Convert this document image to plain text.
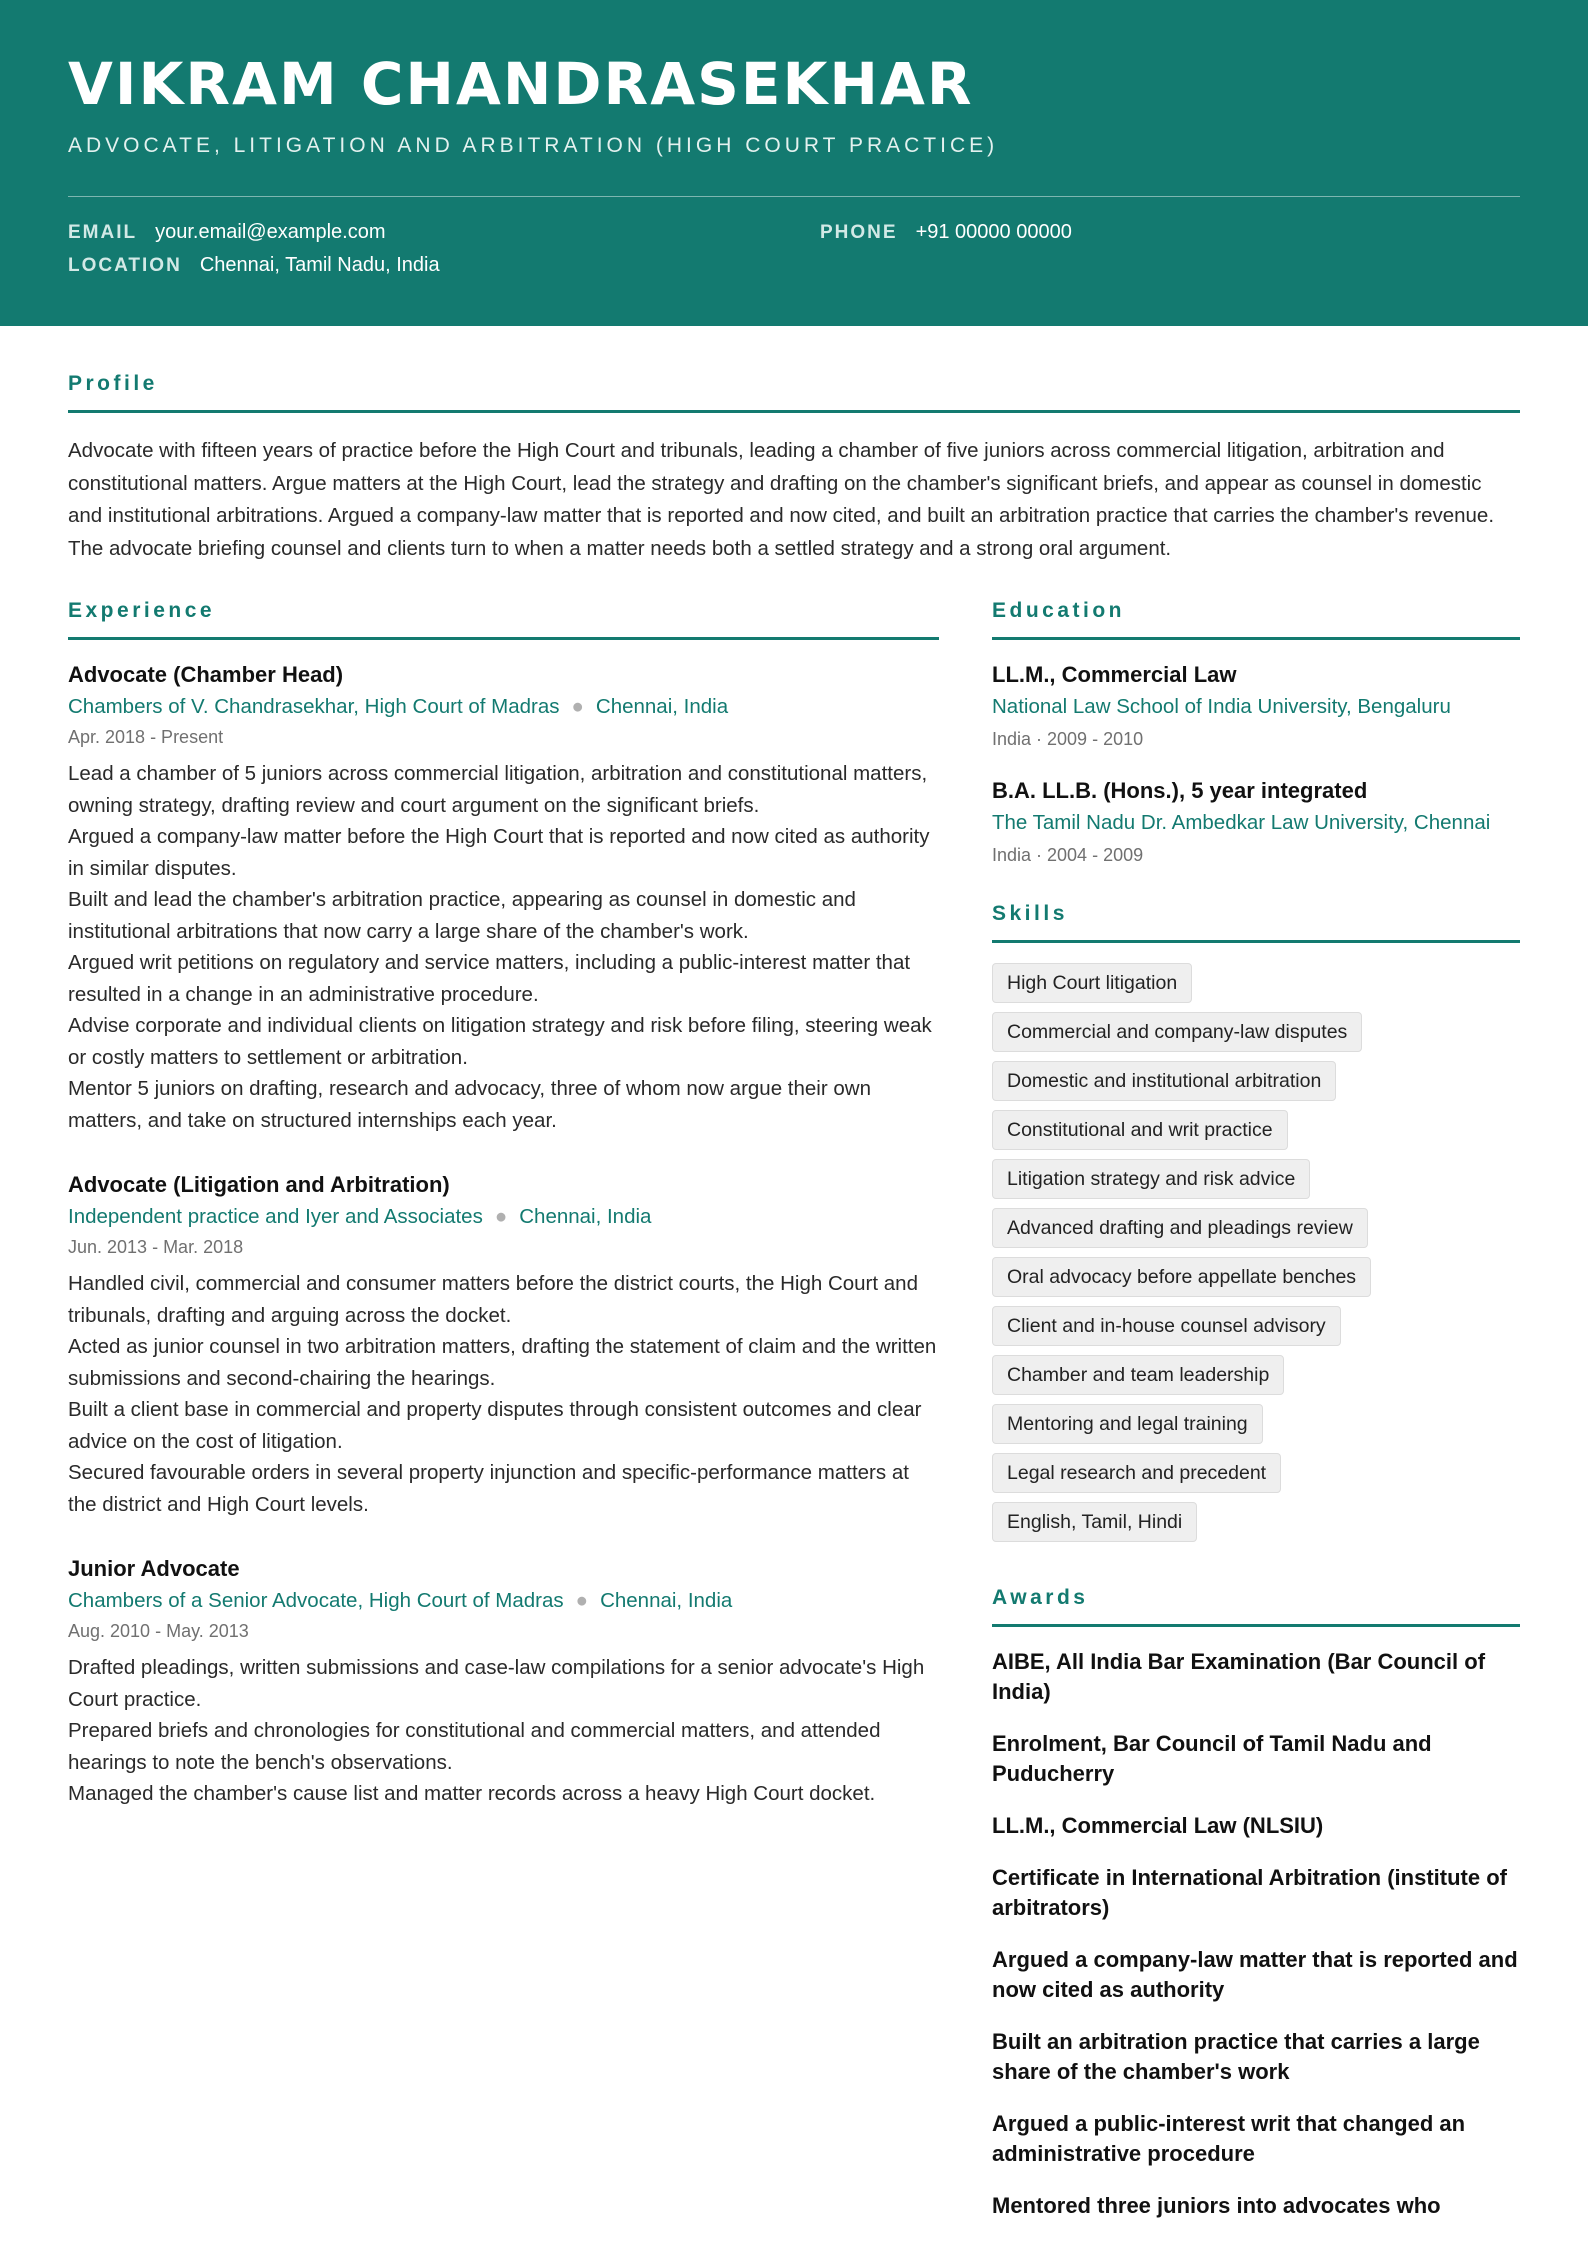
VIKRAM CHANDRASEKHAR
ADVOCATE, LITIGATION AND ARBITRATION (HIGH COURT PRACTICE)
EMAIL your.email@example.com	PHONE +91 00000 00000
LOCATION Chennai, Tamil Nadu, India
Profile

Advocate with fifteen years of practice before the High Court and tribunals, leading a chamber of five juniors across commercial litigation, arbitration and constitutional matters. Argue matters at the High Court, lead the strategy and drafting on the chamber's significant briefs, and appear as counsel in domestic and institutional arbitrations. Argued a company-law matter that is reported and now cited, and built an arbitration practice that carries the chamber's revenue. The advocate briefing counsel and clients turn to when a matter needs both a settled strategy and a strong oral argument.

Experience
Advocate (Chamber Head)
Chambers of V. Chandrasekhar, High Court of Madras ● Chennai, India
Apr. 2018 - Present
Lead a chamber of 5 juniors across commercial litigation, arbitration and constitutional matters, owning strategy, drafting review and court argument on the significant briefs.
Argued a company-law matter before the High Court that is reported and now cited as authority in similar disputes.
Built and lead the chamber's arbitration practice, appearing as counsel in domestic and institutional arbitrations that now carry a large share of the chamber's work.
Argued writ petitions on regulatory and service matters, including a public-interest matter that resulted in a change in an administrative procedure.
Advise corporate and individual clients on litigation strategy and risk before filing, steering weak or costly matters to settlement or arbitration.
Mentor 5 juniors on drafting, research and advocacy, three of whom now argue their own matters, and take on structured internships each year.
Advocate (Litigation and Arbitration)
Independent practice and Iyer and Associates ● Chennai, India
Jun. 2013 - Mar. 2018
Handled civil, commercial and consumer matters before the district courts, the High Court and tribunals, drafting and arguing across the docket.
Acted as junior counsel in two arbitration matters, drafting the statement of claim and the written submissions and second-chairing the hearings.
Built a client base in commercial and property disputes through consistent outcomes and clear advice on the cost of litigation.
Secured favourable orders in several property injunction and specific-performance matters at the district and High Court levels.
Junior Advocate
Chambers of a Senior Advocate, High Court of Madras ● Chennai, India
Aug. 2010 - May. 2013
Drafted pleadings, written submissions and case-law compilations for a senior advocate's High Court practice.
Prepared briefs and chronologies for constitutional and commercial matters, and attended hearings to note the bench's observations.
Managed the chamber's cause list and matter records across a heavy High Court docket.
Education
LL.M., Commercial Law
National Law School of India University, Bengaluru
India · 2009 - 2010
B.A. LL.B. (Hons.), 5 year integrated
The Tamil Nadu Dr. Ambedkar Law University, Chennai
India · 2004 - 2009
Skills
High Court litigation
Commercial and company-law disputes
Domestic and institutional arbitration
Constitutional and writ practice
Litigation strategy and risk advice
Advanced drafting and pleadings review
Oral advocacy before appellate benches
Client and in-house counsel advisory
Chamber and team leadership
Mentoring and legal training
Legal research and precedent
English, Tamil, Hindi
Awards
AIBE, All India Bar Examination (Bar Council of India)
Enrolment, Bar Council of Tamil Nadu and Puducherry
LL.M., Commercial Law (NLSIU)
Certificate in International Arbitration (institute of arbitrators)
Argued a company-law matter that is reported and now cited as authority
Built an arbitration practice that carries a large share of the chamber's work
Argued a public-interest writ that changed an administrative procedure
Mentored three juniors into advocates who
